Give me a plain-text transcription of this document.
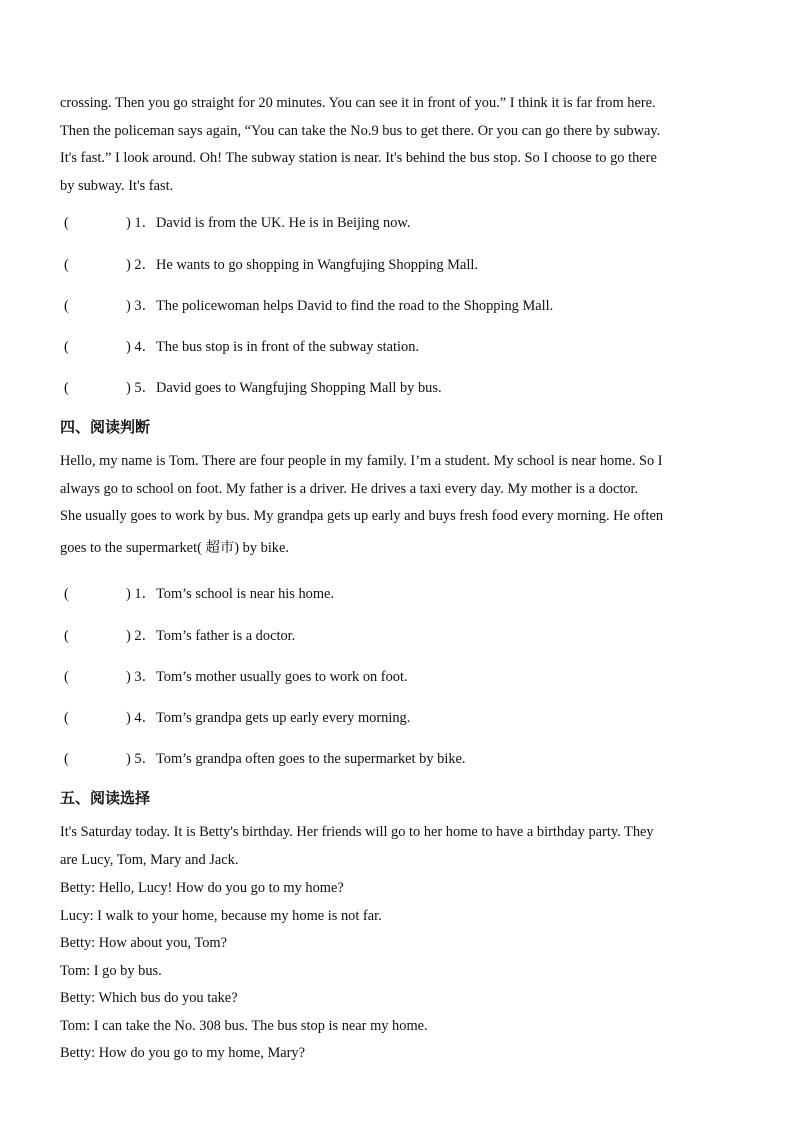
crossing. Then you go straight for 20 minutes. You can see it in front of you.” I think it is far from here.
Then the policeman says again, “You can take the No.9 bus to get there. Or you can go there by subway.
It's fast.” I look around. Oh! The subway station is near. It's behind the bus stop. So I choose to go there
by subway. It's fast.
(	) 1．David is from the UK. He is in Beijing now.
(	) 2．He wants to go shopping in Wangfujing Shopping Mall.
(	) 3．The policewoman helps David to find the road to the Shopping Mall.
(	) 4．The bus stop is in front of the subway station.
(	) 5．David goes to Wangfujing Shopping Mall by bus.
四、阅读判断
Hello, my name is Tom. There are four people in my family. I’m a student. My school is near home. So I
always go to school on foot. My father is a driver. He drives a taxi every day. My mother is a doctor.
She usually goes to work by bus. My grandpa gets up early and buys fresh food every morning. He often
goes to the supermarket( 超市) by bike.
(	) 1．Tom’s school is near his home.
(	) 2．Tom’s father is a doctor.
(	) 3．Tom’s mother usually goes to work on foot.
(	) 4．Tom’s grandpa gets up early every morning.
(	) 5．Tom’s grandpa often goes to the supermarket by bike.
五、阅读选择
It's Saturday today. It is Betty's birthday. Her friends will go to her home to have a birthday party. They
are Lucy, Tom, Mary and Jack.
Betty: Hello, Lucy! How do you go to my home?
Lucy: I walk to your home, because my home is not far.
Betty: How about you, Tom?
Tom: I go by bus.
Betty: Which bus do you take?
Tom: I can take the No. 308 bus. The bus stop is near my home.
Betty: How do you go to my home, Mary?
